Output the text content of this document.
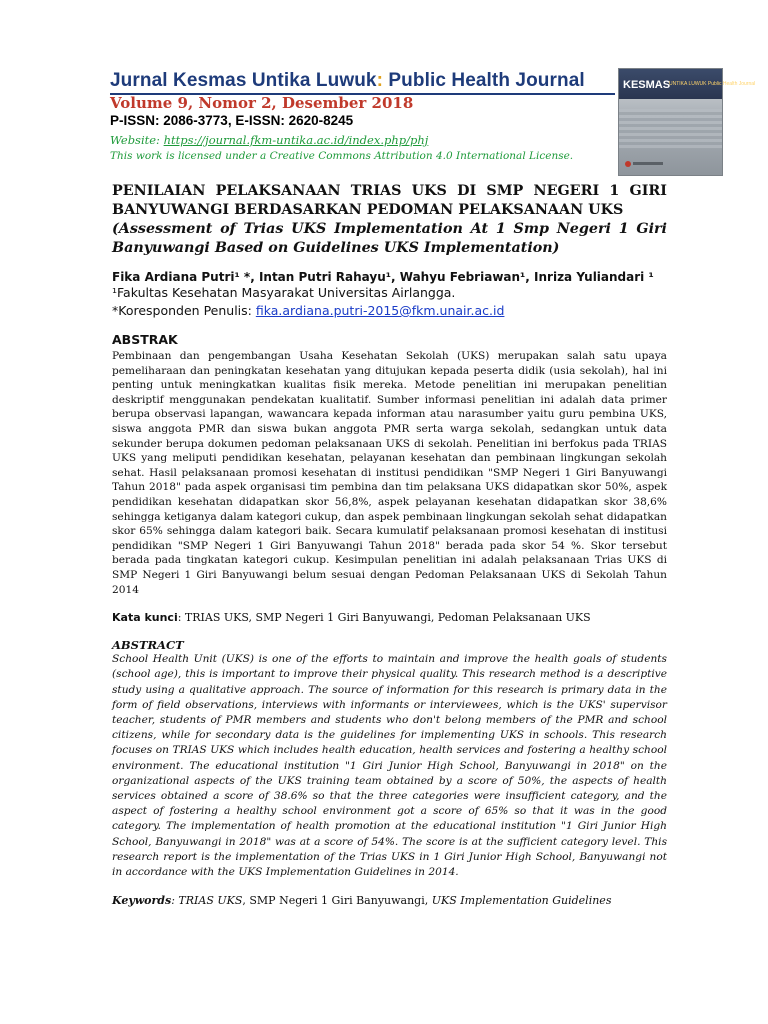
Jurnal Kesmas Untika Luwuk: Public Health Journal
Volume 9, Nomor 2, Desember 2018
P-ISSN: 2086-3773, E-ISSN: 2620-8245
Website: https://journal.fkm-untika.ac.id/index.php/phj
This work is licensed under a Creative Commons Attribution 4.0 International License.
KESMAS
UNTIKA LUWUK Public Health Journal

PENILAIAN PELAKSANAAN TRIAS UKS DI SMP NEGERI 1 GIRI
BANYUWANGI BERDASARKAN PEDOMAN PELAKSANAAN UKS

(Assessment of Trias UKS Implementation At 1 Smp Negeri 1 Giri Banyuwangi Based on Guidelines UKS Implementation)

Fika Ardiana Putri¹ *, Intan Putri Rahayu¹, Wahyu Febriawan¹, Inriza Yuliandari ¹

¹Fakultas Kesehatan Masyarakat Universitas Airlangga.

*Koresponden Penulis: fika.ardiana.putri-2015@fkm.unair.ac.id

ABSTRAK

Pembinaan dan pengembangan Usaha Kesehatan Sekolah (UKS) merupakan salah satu upaya pemeliharaan dan peningkatan kesehatan yang ditujukan kepada peserta didik (usia sekolah), hal ini penting untuk meningkatkan kualitas fisik mereka. Metode penelitian ini merupakan penelitian deskriptif menggunakan pendekatan kualitatif. Sumber informasi penelitian ini adalah data primer berupa observasi lapangan, wawancara kepada informan atau narasumber yaitu guru pembina UKS, siswa anggota PMR dan siswa bukan anggota PMR serta warga sekolah, sedangkan untuk data sekunder berupa dokumen pedoman pelaksanaan UKS di sekolah. Penelitian ini berfokus pada TRIAS UKS yang meliputi pendidikan kesehatan, pelayanan kesehatan dan pembinaan lingkungan sekolah sehat. Hasil pelaksanaan promosi kesehatan di institusi pendidikan "SMP Negeri 1 Giri Banyuwangi Tahun 2018" pada aspek organisasi tim pembina dan tim pelaksana UKS didapatkan skor 50%, aspek pendidikan kesehatan didapatkan skor 56,8%, aspek pelayanan kesehatan didapatkan skor 38,6% sehingga ketiganya dalam kategori cukup, dan aspek pembinaan lingkungan sekolah sehat didapatkan skor 65% sehingga dalam kategori baik. Secara kumulatif pelaksanaan promosi kesehatan di institusi pendidikan "SMP Negeri 1 Giri Banyuwangi Tahun 2018" berada pada skor 54 %. Skor tersebut berada pada tingkatan kategori cukup. Kesimpulan penelitian ini adalah pelaksanaan Trias UKS di SMP Negeri 1 Giri Banyuwangi belum sesuai dengan Pedoman Pelaksanaan UKS di Sekolah Tahun 2014

Kata kunci: TRIAS UKS, SMP Negeri 1 Giri Banyuwangi, Pedoman Pelaksanaan UKS

ABSTRACT

School Health Unit (UKS) is one of the efforts to maintain and improve the health goals of students (school age), this is important to improve their physical quality. This research method is a descriptive study using a qualitative approach. The source of information for this research is primary data in the form of field observations, interviews with informants or interviewees, which is the UKS' supervisor teacher, students of PMR members and students who don't belong members of the PMR and school citizens, while for secondary data is the guidelines for implementing UKS in schools. This research focuses on TRIAS UKS which includes health education, health services and fostering a healthy school environment. The educational institution "1 Giri Junior High School, Banyuwangi in 2018" on the organizational aspects of the UKS training team obtained by a score of 50%, the aspects of health services obtained a score of 38.6% so that the three categories were insufficient category, and the aspect of fostering a healthy school environment got a score of 65% so that it was in the good category. The implementation of health promotion at the educational institution "1 Giri Junior High School, Banyuwangi in 2018" was at a score of 54%. The score is at the sufficient category level. This research report is the implementation of the Trias UKS in 1 Giri Junior High School, Banyuwangi not in accordance with the UKS Implementation Guidelines in 2014.

Keywords: TRIAS UKS, SMP Negeri 1 Giri Banyuwangi, UKS Implementation Guidelines
